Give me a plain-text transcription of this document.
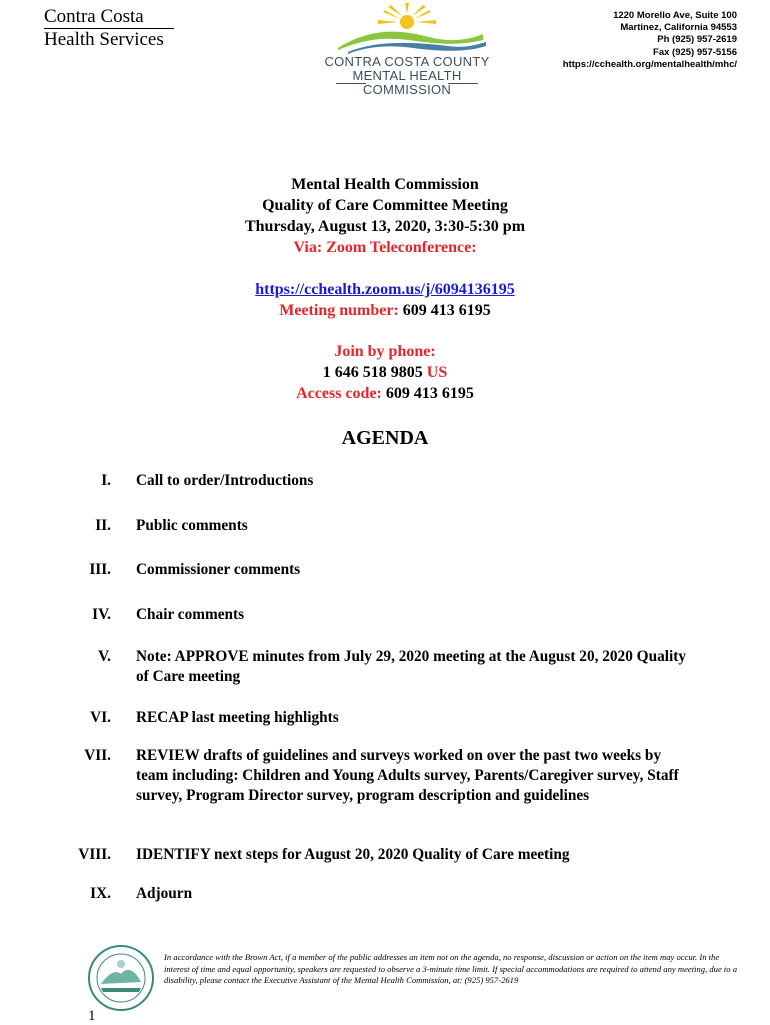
Contra Costa

Health Services
CONTRA COSTA COUNTY
MENTAL HEALTH
COMMISSION
1220 Morello Ave, Suite 100
Martinez, California 94553
Ph (925) 957-2619
Fax (925) 957-5156
https://cchealth.org/mentalhealth/mhc/
Mental Health Commission
Quality of Care Committee Meeting
Thursday, August 13, 2020, 3:30-5:30 pm
Via: Zoom Teleconference:
https://cchealth.zoom.us/j/6094136195
Meeting number: 609 413 6195
Join by phone:
1 646 518 9805 US
Access code: 609 413 6195
AGENDA
I. Call to order/Introductions
II. Public comments
III. Commissioner comments
IV. Chair comments
V. Note: APPROVE minutes from July 29, 2020 meeting at the August 20, 2020 Quality of Care meeting
VI. RECAP last meeting highlights
VII. REVIEW drafts of guidelines and surveys worked on over the past two weeks by team including: Children and Young Adults survey, Parents/Caregiver survey, Staff survey, Program Director survey, program description and guidelines
VIII. IDENTIFY next steps for August 20, 2020 Quality of Care meeting
IX. Adjourn
In accordance with the Brown Act, if a member of the public addresses an item not on the agenda, no response, discussion or action on the item may occur. In the interest of time and equal opportunity, speakers are requested to observe a 3-minute time limit. If special accommodations are required to attend any meeting, due to a disability, please contact the Executive Assistant of the Mental Health Commission, at: (925) 957-2619
1
